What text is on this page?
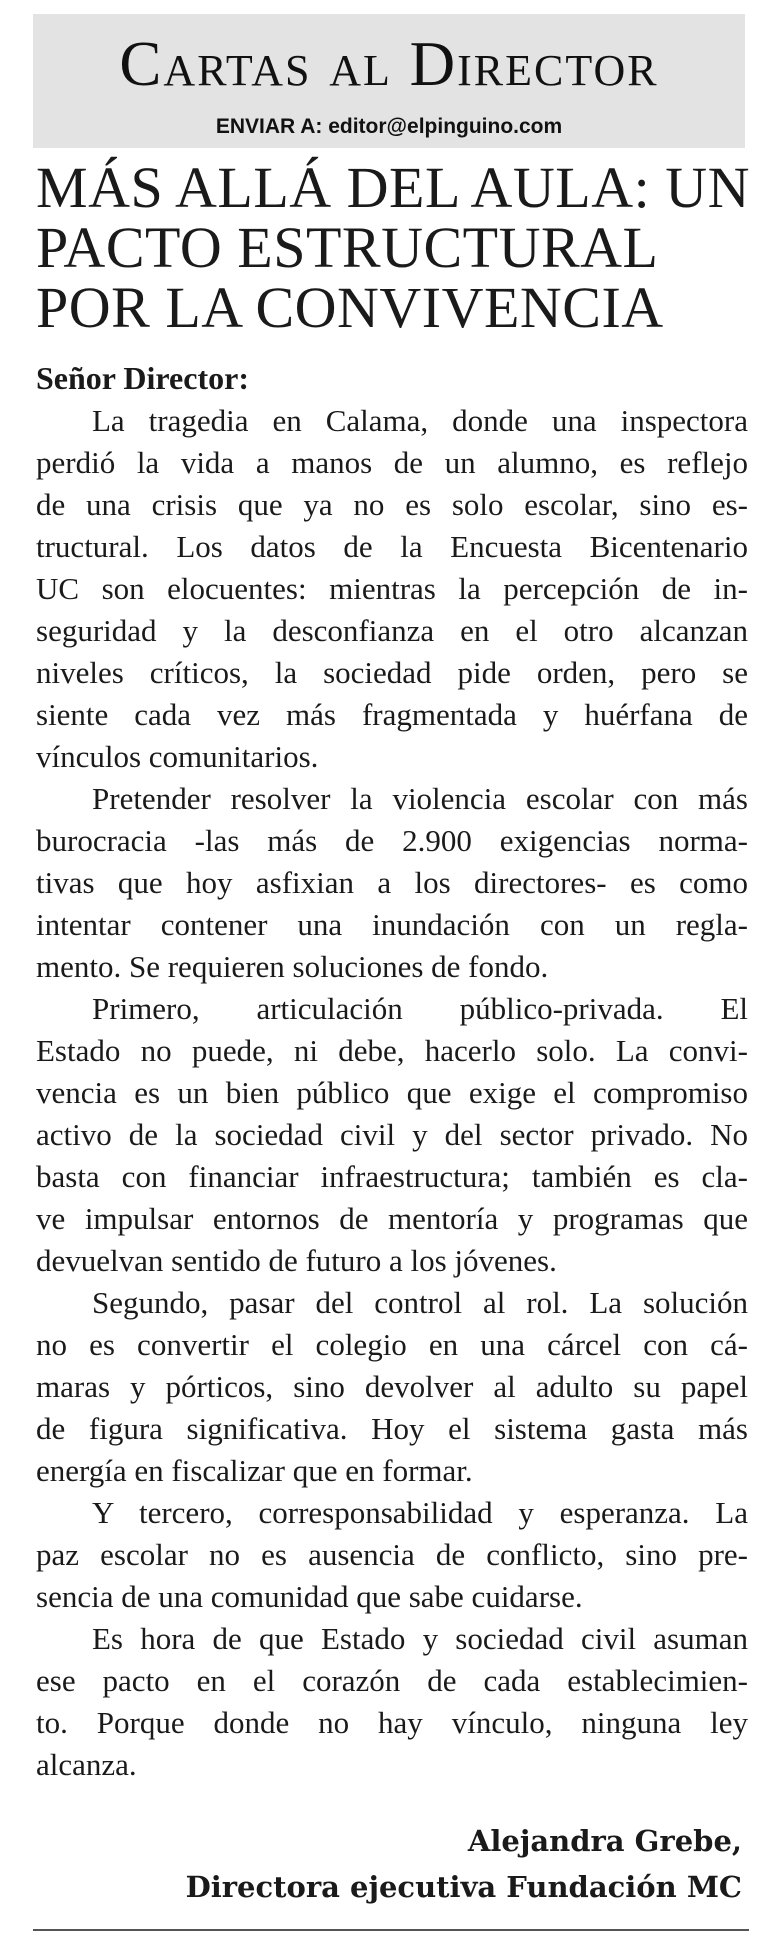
Cartas al Director
ENVIAR A: editor@elpinguino.com
MÁS ALLÁ DEL AULA: UN
PACTO ESTRUCTURAL
POR LA CONVIVENCIA
Señor Director:
La tragedia en Calama, donde una inspectora
perdió la vida a manos de un alumno, es reflejo
de una crisis que ya no es solo escolar, sino es-
tructural. Los datos de la Encuesta Bicentenario
UC son elocuentes: mientras la percepción de in-
seguridad y la desconfianza en el otro alcanzan
niveles críticos, la sociedad pide orden, pero se
siente cada vez más fragmentada y huérfana de
vínculos comunitarios.
Pretender resolver la violencia escolar con más
burocracia -las más de 2.900 exigencias norma-
tivas que hoy asfixian a los directores- es como
intentar contener una inundación con un regla-
mento. Se requieren soluciones de fondo.
Primero, articulación público-privada. El
Estado no puede, ni debe, hacerlo solo. La convi-
vencia es un bien público que exige el compromiso
activo de la sociedad civil y del sector privado. No
basta con financiar infraestructura; también es cla-
ve impulsar entornos de mentoría y programas que
devuelvan sentido de futuro a los jóvenes.
Segundo, pasar del control al rol. La solución
no es convertir el colegio en una cárcel con cá-
maras y pórticos, sino devolver al adulto su papel
de figura significativa. Hoy el sistema gasta más
energía en fiscalizar que en formar.
Y tercero, corresponsabilidad y esperanza. La
paz escolar no es ausencia de conflicto, sino pre-
sencia de una comunidad que sabe cuidarse.
Es hora de que Estado y sociedad civil asuman
ese pacto en el corazón de cada establecimien-
to. Porque donde no hay vínculo, ninguna ley
alcanza.
Alejandra Grebe,
Directora ejecutiva Fundación MC
